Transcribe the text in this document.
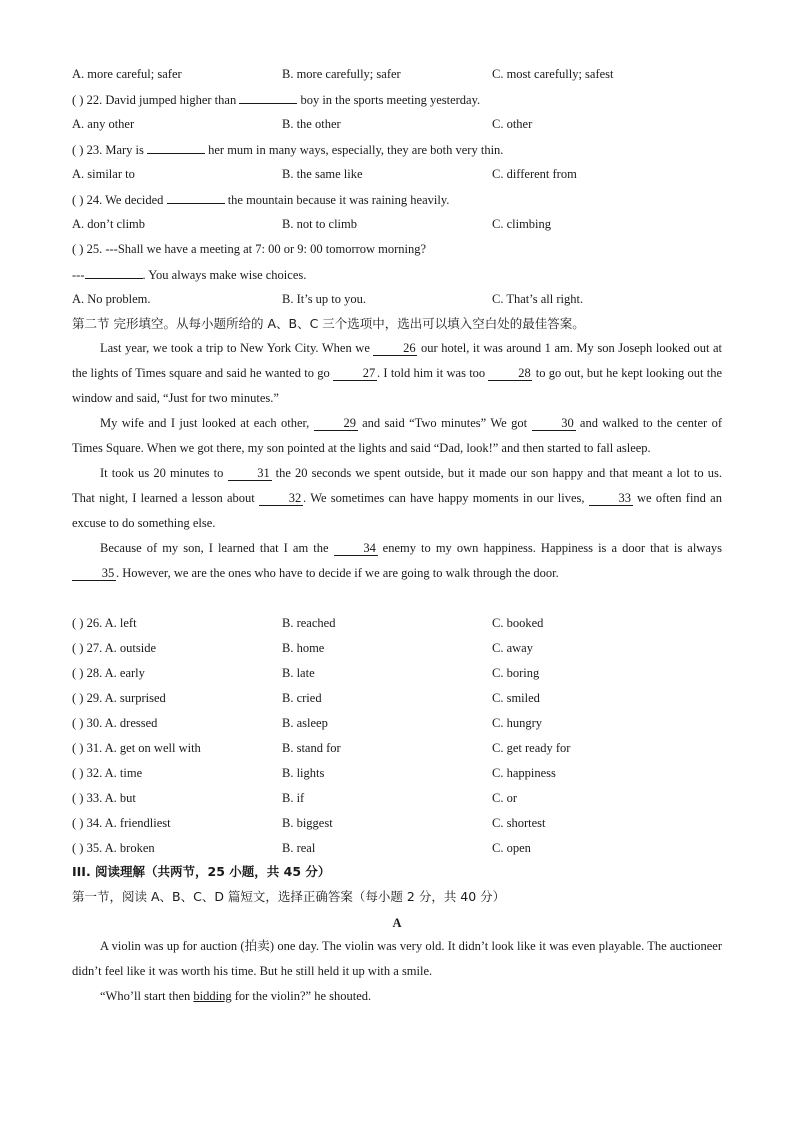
A. more careful; safer	B. more carefully; safer	C. most carefully; safest
( ) 22. David jumped higher than	boy in the sports meeting yesterday.
A. any other	B. the other	C. other
( ) 23. Mary is	her mum in many ways, especially, they are both very thin.
A. similar to	B. the same like	C. different from
( ) 24. We decided	the mountain because it was raining heavily.
A. don’t climb	B. not to climb	C. climbing
( ) 25. ---Shall we have a meeting at 7: 00 or 9: 00 tomorrow morning?
---	. You always make wise choices.
A. No problem.	B. It’s up to you.	C. That’s all right.
第二节 完形填空。从每小题所给的 A、B、C 三个选项中，选出可以填入空白处的最佳答案。

Last year, we took a trip to New York City. When we 26 our hotel, it was around 1 am. My son Joseph looked out at the lights of Times square and said he wanted to go 27 . I told him it was too 28 to go out, but he kept looking out the window and said, “Just for two minutes.”

My wife and I just looked at each other, 29 and said “Two minutes” We got 30 and walked to the center of Times Square. When we got there, my son pointed at the lights and said “Dad, look!” and then started to fall asleep.

It took us 20 minutes to 31 the 20 seconds we spent outside, but it made our son happy and that meant a lot to us. That night, I learned a lesson about 32 . We sometimes can have happy moments in our lives, 33 we often find an excuse to do something else.

Because of my son, I learned that I am the 34 enemy to my own happiness. Happiness is a door that is always 35 . However, we are the ones who have to decide if we are going to walk through the door.

( ) 26. A. left	B. reached	C. booked
( ) 27. A. outside	B. home	C. away
( ) 28. A. early	B. late	C. boring
( ) 29. A. surprised	B. cried	C. smiled
( ) 30. A. dressed	B. asleep	C. hungry
( ) 31. A. get on well with	B. stand for	C. get ready for
( ) 32. A. time	B. lights	C. happiness
( ) 33. A. but	B. if	C. or
( ) 34. A. friendliest	B. biggest	C. shortest
( ) 35. A. broken	B. real	C. open
III. 阅读理解（共两节，25 小题，共 45 分）
第一节，阅读 A、B、C、D 篇短文，选择正确答案（每小题 2 分，共 40 分）
A

A violin was up for auction (拍卖) one day. The violin was very old. It didn’t look like it was even playable. The auctioneer didn’t feel like it was worth his time. But he still held it up with a smile.

“Who’ll start then bidding for the violin?” he shouted.
